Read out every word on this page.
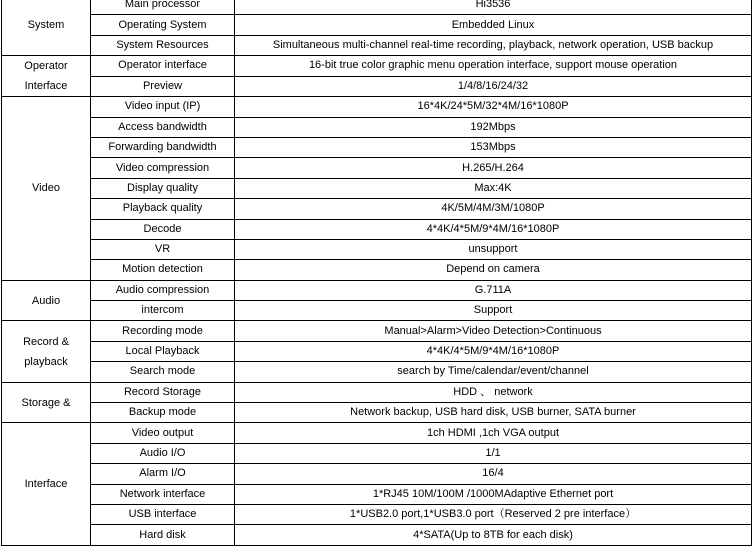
System	Main processor	Hi3536
	Operating System	Embedded Linux
	System Resources	Simultaneous multi-channel real-time recording, playback, network operation, USB backup
Operator Interface	Operator interface	16-bit true color graphic menu operation interface, support mouse operation
	Preview	1/4/8/16/24/32
Video	Video input (IP)	16*4K/24*5M/32*4M/16*1080P
	Access bandwidth	192Mbps
	Forwarding bandwidth	153Mbps
	Video compression	H.265/H.264
	Display quality	Max:4K
	Playback quality	4K/5M/4M/3M/1080P
	Decode	4*4K/4*5M/9*4M/16*1080P
	VR	unsupport
	Motion detection	Depend on camera
Audio	Audio compression	G.711A
	intercom	Support
Record & playback	Recording mode	Manual>Alarm>Video Detection>Continuous
	Local Playback	4*4K/4*5M/9*4M/16*1080P
	Search mode	search by Time/calendar/event/channel
Storage &	Record Storage	HDD 、 network
	Backup mode	Network backup, USB hard disk, USB burner, SATA burner
Interface	Video output	1ch HDMI ,1ch VGA output
	Audio I/O	1/1
	Alarm I/O	16/4
	Network interface	1*RJ45 10M/100M /1000MAdaptive Ethernet port
	USB interface	1*USB2.0 port,1*USB3.0 port（Reserved 2 pre interface）
	Hard disk	4*SATA(Up to 8TB for each disk)
